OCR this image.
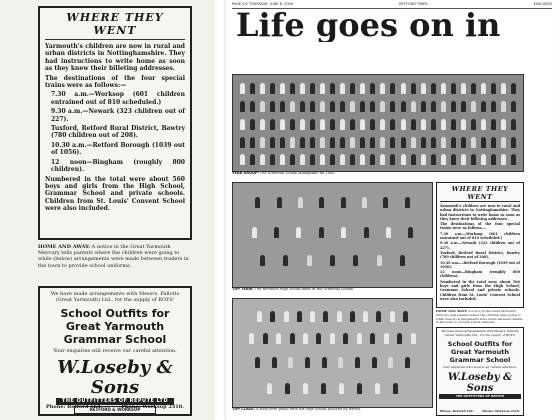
WHERE THEY WENT

Yarmouth's children are now in rural and urban districts in Nottinghamshire. They had instructions to write home as soon as they knew their billeting addresses.

The destinations of the four special trains were as follows:—

7.30 a.m.—Worksop (601 children entrained out of 810 scheduled.)

9.30 a.m.—Newark (323 children out of 227).

Tuxford, Retford Rural District, Bawtry (780 children out of 208).

10.30 a.m.—Retford Borough (1039 out of 1056).

12 noon—Bingham (roughly 800 children).

Numbered in the total were about 560 boys and girls from the High School, Grammar School and private schools. Children from St. Louis' Convent School were also included.

HOME AND AWAY: A notice in the Great Yarmouth Mercury tells parents where the children were going to while (below) arrangements were made between traders in the town to provide school uniforms.
We have made arrangements with Messrs. Pallotts (Great Yarmouth) Ltd., for the supply of BOYS'
School Outfits for Great Yarmouth Grammar School
Your enquiries will receive our careful attention.
W.Loseby & Sons
THE OUTFITTERS OF REPUTE LTD
RETFORD & WORKSOP
Phone: Retford 164.	Phone: Worksop 2318.
PAGE 0/2 THURSDAY, JUNE 8, 2000	RETFORD TIMES	EVACUEES
Life goes on in
YEAR GROUP: The Grammar School photograph for 1940.
TOP TEAM: The Yarmouth High School team at the Grammar School.
TOP CLASS: A sixth form group from the High School pictured by Harrys.
WHERE THEY WENT

Yarmouth's children are now in rural and urban districts in Nottinghamshire. They had instructions to write home as soon as they knew their billeting addresses.

The destinations of the four special trains were as follows:—

7.30 a.m.—Worksop (601 children entrained out of 810 scheduled.)

9.30 a.m.—Newark (323 children out of 227).

Tuxford, Retford Rural District, Bawtry (780 children out of 208).

10.30 a.m.—Retford Borough (1039 out of 1056).

12 noon—Bingham (roughly 800 children).

Numbered in the total were about 560 boys and girls from the High School, Grammar School and private schools. Children from St. Louis' Convent School were also included.

HOME AND AWAY: A notice in the Great Yarmouth Mercury tells parents where the children were going to while (below) arrangements were made between traders in the town to provide school uniforms.
We have made arrangements with Messrs. Pallotts (Great Yarmouth) Ltd., for the supply of BOYS'
School Outfits for Great Yarmouth Grammar School
Your enquiries will receive our careful attention.
W.Loseby & Sons
THE OUTFITTERS OF REPUTE
Phone: Retford 164.	Phone: Worksop 2318.
